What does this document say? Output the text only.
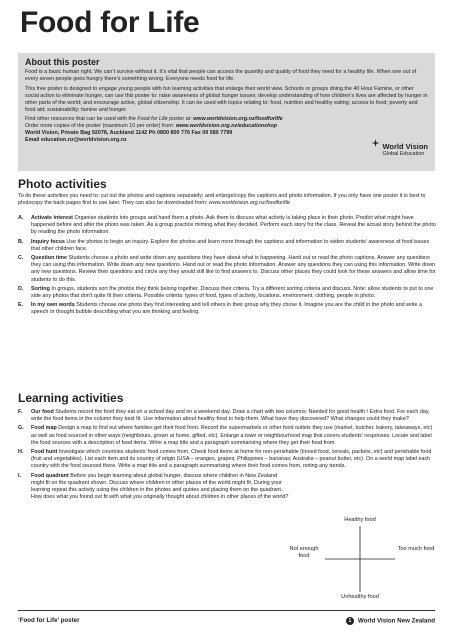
Food for Life
About this poster

Food is a basic human right. We can’t survive without it. It’s vital that people can access the quantity and quality of food they need for a healthy life. When one out of every seven people goes hungry there’s something wrong. Everyone needs food for life.

This free poster is designed to engage young people with fun learning activities that enlarge their world view. Schools or groups doing the 40 Hour Famine, or other social action to eliminate hunger, can use this poster to: raise awareness of global hunger issues; develop understanding of how children’s lives are affected by hunger in other parts of the world; and encourage active, global citizenship. It can be used with topics relating to: food, nutrition and healthy eating; access to food; poverty and food aid; sustainability; famine and hunger.

Find other resources that can be used with the Food for Life poster at: www.worldvision.org.nz/foodforlife
Order more copies of the poster (maximum 10 per order) from: www.worldvision.org.nz/educationshop
World Vision, Private Bag 92078, Auckland 1142 Ph 0800 800 776 Fax 09 580 7799
Email education.nz@worldvision.org.nz
World Vision
Global Education
Photo activities

To do these activities you need to: cut out the photos and captions separately; and enlarge/copy the captions and photo information. If you only have one poster it is best to photocopy the back pages first to use later. They can also be downloaded from: www.worldvision.org.nz/foodforlife

A. Activate interest Organise students into groups and hand them a photo. Ask them to discuss what activity is taking place in their photo. Predict what might have happened before and after the photo was taken. As a group practice miming what they decided. Perform each story for the class. Reveal the actual story behind the photo by reading the photo information.
B. Inquiry focus Use the photos to begin an inquiry. Explore the photos and learn more through the captions and information to widen students’ awareness of food issues that other children face.
C. Question time Students choose a photo and write down any questions they have about what is happening. Hand out or read the photo captions. Answer any questions they can using this information. Write down any new questions. Hand out or read the photo information. Answer any questions they can using this information. Write down any new questions. Review their questions and circle any they would still like to find answers to. Discuss other places they could look for these answers and allow time for students to do this.
D. Sorting In groups, students sort the photos they think belong together. Discuss their criteria. Try a different sorting criteria and discuss. Note: allow students to put to one side any photos that don’t quite fit their criteria. Possible criteria: types of food, types of activity, locations, environment, clothing, people in photo.
E. In my own words Students choose one photo they find interesting and tell others in their group why they chose it. Imagine you are the child in the photo and write a speech or thought bubble describing what you are thinking and feeling.
Learning activities
F. Our food Students record the food they eat on a school day and on a weekend day. Draw a chart with two columns: Needed for good health / Extra food. For each day, write the food items in the column they best fit. Use information about healthy food to help them. What have they discovered? What changes could they make?
G. Food map Design a map to find out where families get their food from. Record the supermarkets or other food outlets they use (market, butcher, bakery, takeaways, etc) as well as food sourced in other ways (neighbours, grown at home, gifted, etc). Enlarge a town or neighbourhood map that covers students’ responses. Locate and label the food sources with a description of food items. Write a map title and a paragraph summarising where they get their food from.
H. Food hunt Investigate which countries students’ food comes from. Check food items at home for non-perishable (tinned food, cereals, packets, etc) and perishable food (fruit and vegetables). List each item and its country of origin (USA – oranges, grapes; Philippines – bananas; Australia – peanut butter, etc). On a world map label each country with the food sourced there. Write a map title and a paragraph summarising where their food comes from, noting any trends.
I. Food quadrant Before you begin learning about global hunger, discuss where children in New Zealand might fit on the quadrant shown. Discuss where children in other places of the world might fit. During your learning repeat this activity using the children in the photos and quotes and placing them on the quadrant. How does what you found out fit with what you originally thought about children in other places of the world?
Healthy food
Unhealthy food
Not enough food
Too much food
‘Food for Life’ poster	1 World Vision New Zealand
